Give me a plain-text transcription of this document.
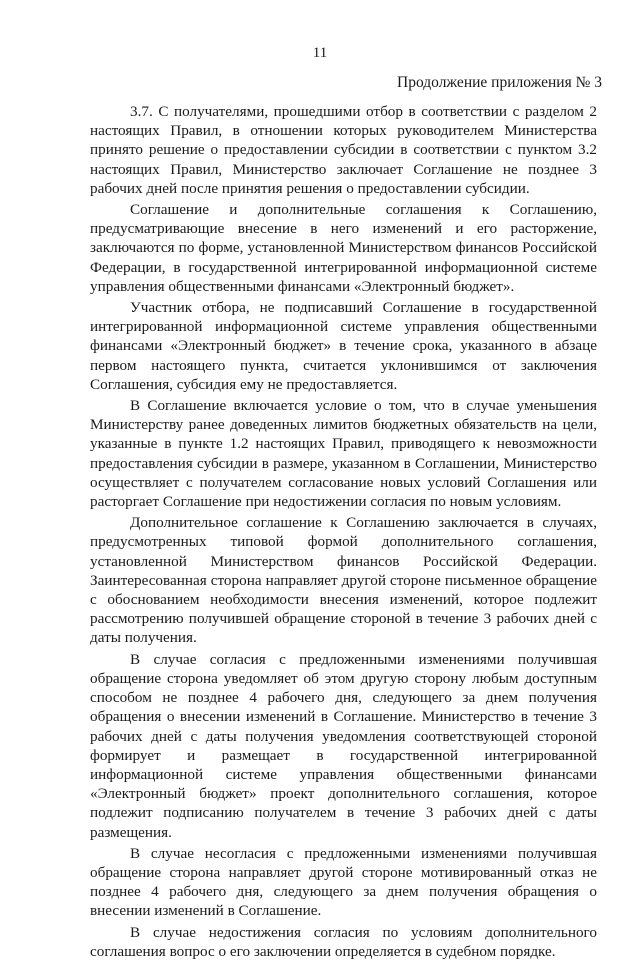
11
Продолжение приложения № 3

3.7. С получателями, прошедшими отбор в соответствии с разделом 2 настоящих Правил, в отношении которых руководителем Министерства принято решение о предоставлении субсидии в соответствии с пунктом 3.2 настоящих Правил, Министерство заключает Соглашение не позднее 3 рабочих дней после принятия решения о предоставлении субсидии.

Соглашение и дополнительные соглашения к Соглашению, предусматривающие внесение в него изменений и его расторжение, заключаются по форме, установленной Министерством финансов Российской Федерации, в государственной интегрированной информационной системе управления общественными финансами «Электронный бюджет».

Участник отбора, не подписавший Соглашение в государственной интегрированной информационной системе управления общественными финансами «Электронный бюджет» в течение срока, указанного в абзаце первом настоящего пункта, считается уклонившимся от заключения Соглашения, субсидия ему не предоставляется.

В Соглашение включается условие о том, что в случае уменьшения Министерству ранее доведенных лимитов бюджетных обязательств на цели, указанные в пункте 1.2 настоящих Правил, приводящего к невозможности предоставления субсидии в размере, указанном в Соглашении, Министерство осуществляет с получателем согласование новых условий Соглашения или расторгает Соглашение при недостижении согласия по новым условиям.

Дополнительное соглашение к Соглашению заключается в случаях, предусмотренных типовой формой дополнительного соглашения, установленной Министерством финансов Российской Федерации. Заинтересованная сторона направляет другой стороне письменное обращение с обоснованием необходимости внесения изменений, которое подлежит рассмотрению получившей обращение стороной в течение 3 рабочих дней с даты получения.

В случае согласия с предложенными изменениями получившая обращение сторона уведомляет об этом другую сторону любым доступным способом не позднее 4 рабочего дня, следующего за днем получения обращения о внесении изменений в Соглашение. Министерство в течение 3 рабочих дней с даты получения уведомления соответствующей стороной формирует и размещает в государственной интегрированной информационной системе управления общественными финансами «Электронный бюджет» проект дополнительного соглашения, которое подлежит подписанию получателем в течение 3 рабочих дней с даты размещения.

В случае несогласия с предложенными изменениями получившая обращение сторона направляет другой стороне мотивированный отказ не позднее 4 рабочего дня, следующего за днем получения обращения о внесении изменений в Соглашение.

В случае недостижения согласия по условиям дополнительного соглашения вопрос о его заключении определяется в судебном порядке.
